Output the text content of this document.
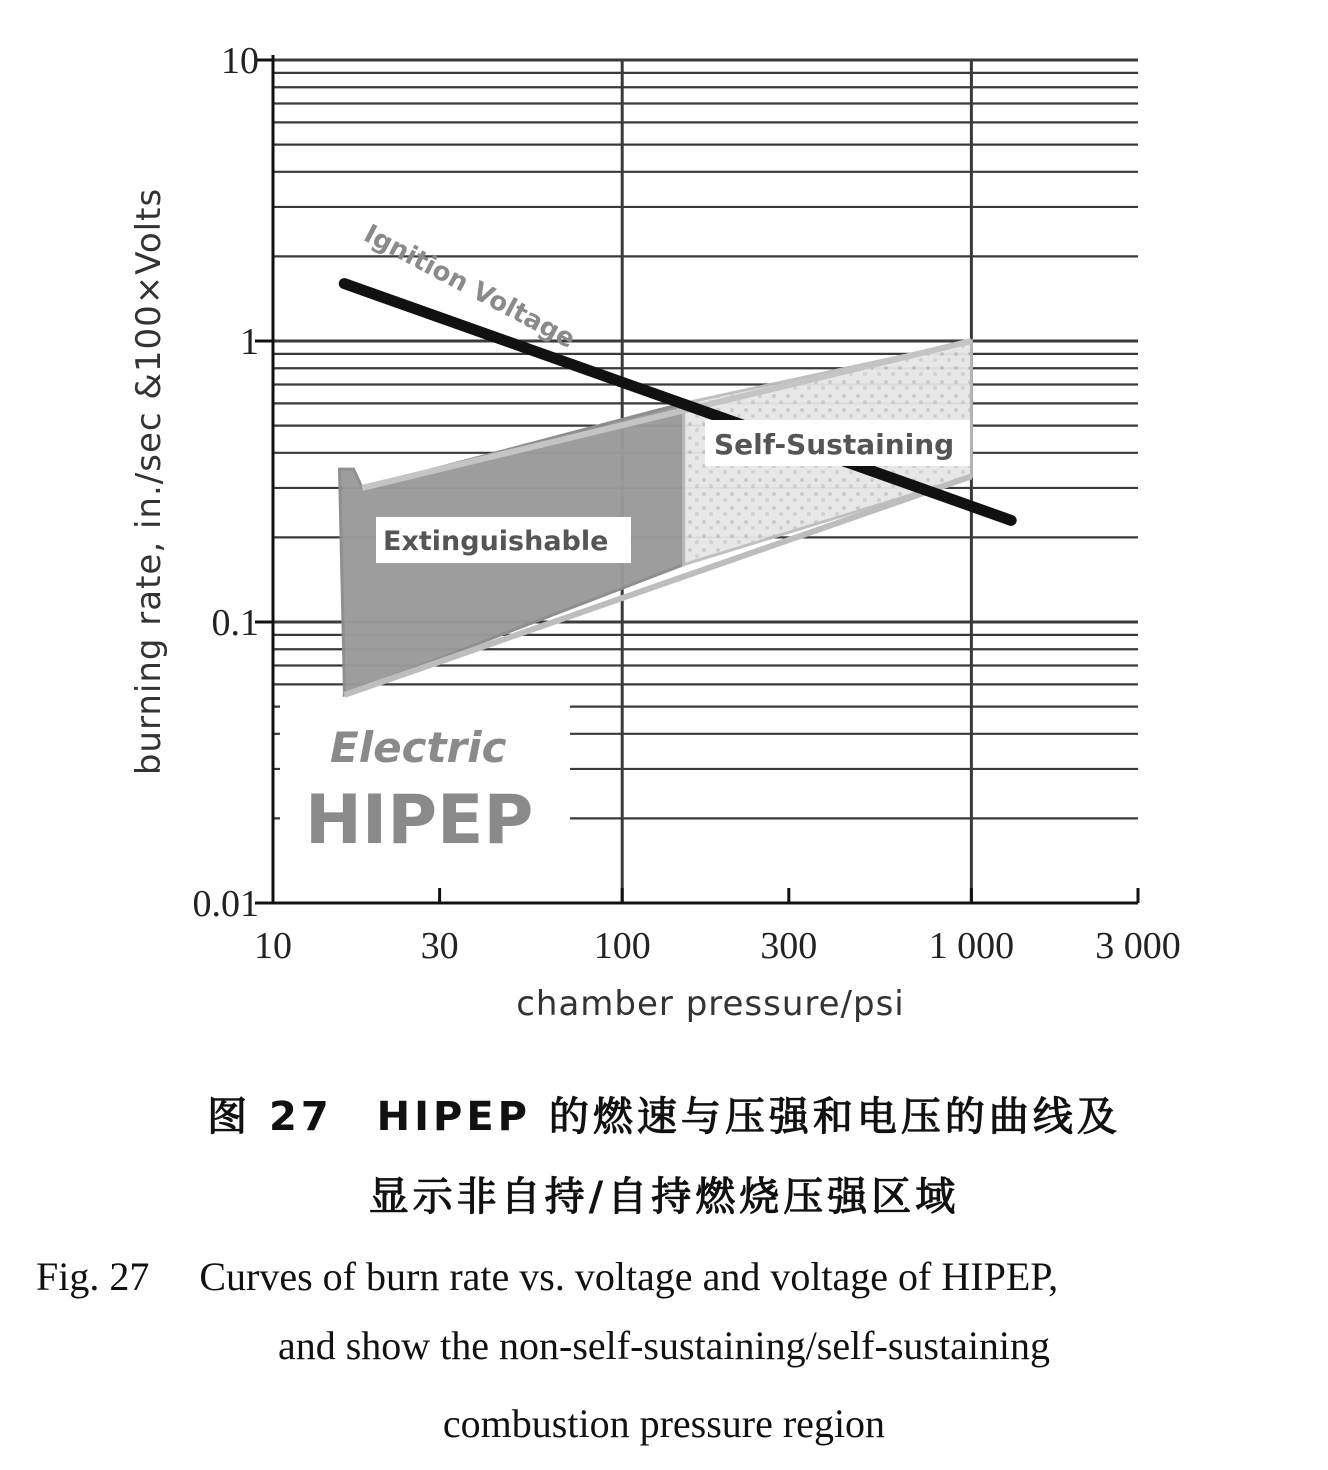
Ignition Voltage
Self-Sustaining
Extinguishable
Electric
HIPEP
0.01
0.1
1
10
10	30	100	300	1 000 3 000
chamber pressure/psi
burning rate, in./sec &100×Volts
图 27　HIPEP 的燃速与压强和电压的曲线及
显示非自持/自持燃烧压强区域
Fig. 27　 Curves of burn rate vs. voltage and voltage of HIPEP,
and show the non-self-sustaining/self-sustaining
combustion pressure region
